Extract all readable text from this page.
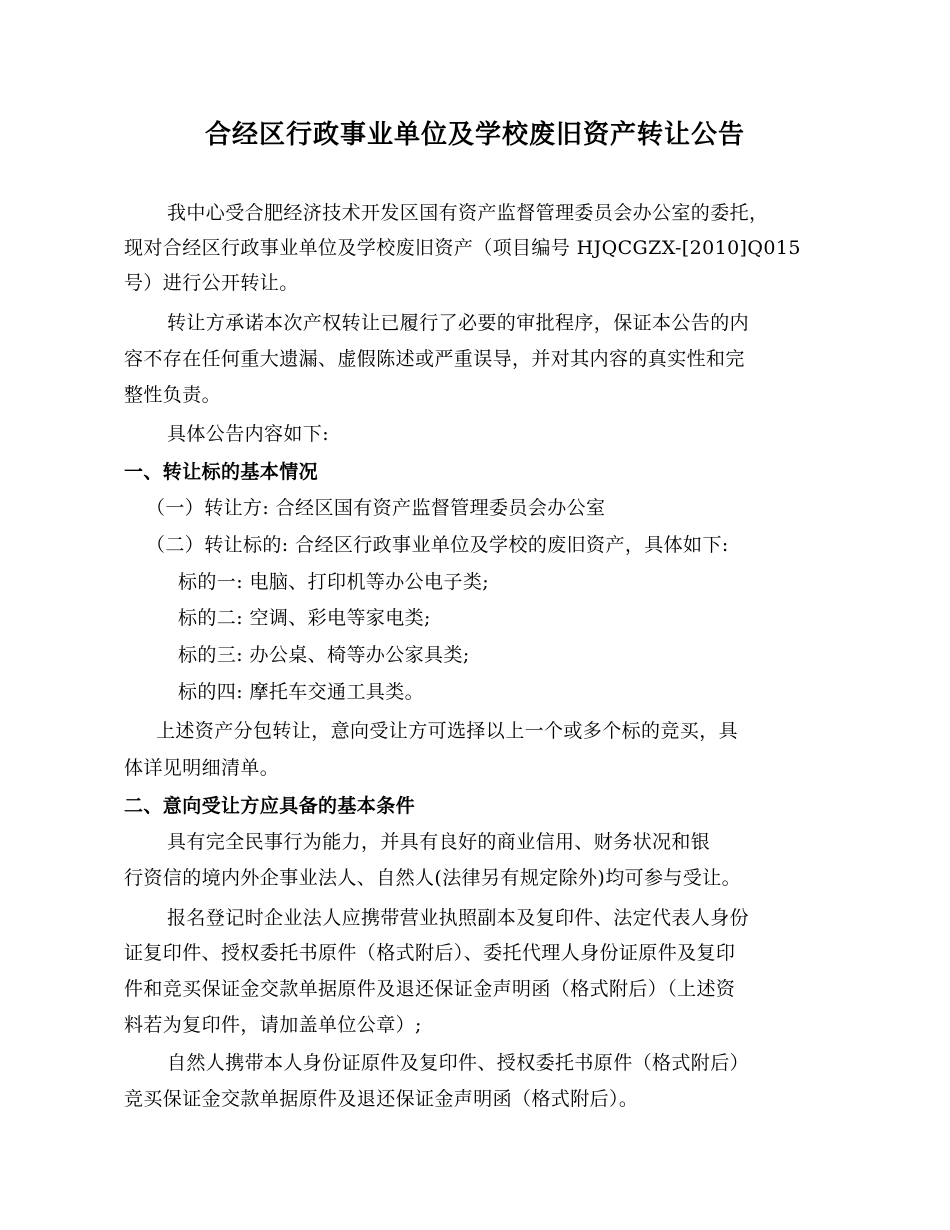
合经区行政事业单位及学校废旧资产转让公告

我中心受合肥经济技术开发区国有资产监督管理委员会办公室的委托，

现对合经区行政事业单位及学校废旧资产（项目编号 HJQCGZX-[2010]Q015

号）进行公开转让。

转让方承诺本次产权转让已履行了必要的审批程序，保证本公告的内

容不存在任何重大遗漏、虚假陈述或严重误导，并对其内容的真实性和完

整性负责。

具体公告内容如下:

一、转让标的基本情况

（一）转让方: 合经区国有资产监督管理委员会办公室

（二）转让标的: 合经区行政事业单位及学校的废旧资产，具体如下:

标的一: 电脑、打印机等办公电子类;

标的二: 空调、彩电等家电类;

标的三: 办公桌、椅等办公家具类;

标的四: 摩托车交通工具类。

上述资产分包转让，意向受让方可选择以上一个或多个标的竞买，具

体详见明细清单。

二、意向受让方应具备的基本条件

具有完全民事行为能力，并具有良好的商业信用、财务状况和银

行资信的境内外企事业法人、自然人(法律另有规定除外)均可参与受让。

报名登记时企业法人应携带营业执照副本及复印件、法定代表人身份

证复印件、授权委托书原件（格式附后）、委托代理人身份证原件及复印

件和竞买保证金交款单据原件及退还保证金声明函（格式附后）（上述资

料若为复印件，请加盖单位公章）;

自然人携带本人身份证原件及复印件、授权委托书原件（格式附后）

竞买保证金交款单据原件及退还保证金声明函（格式附后）。
